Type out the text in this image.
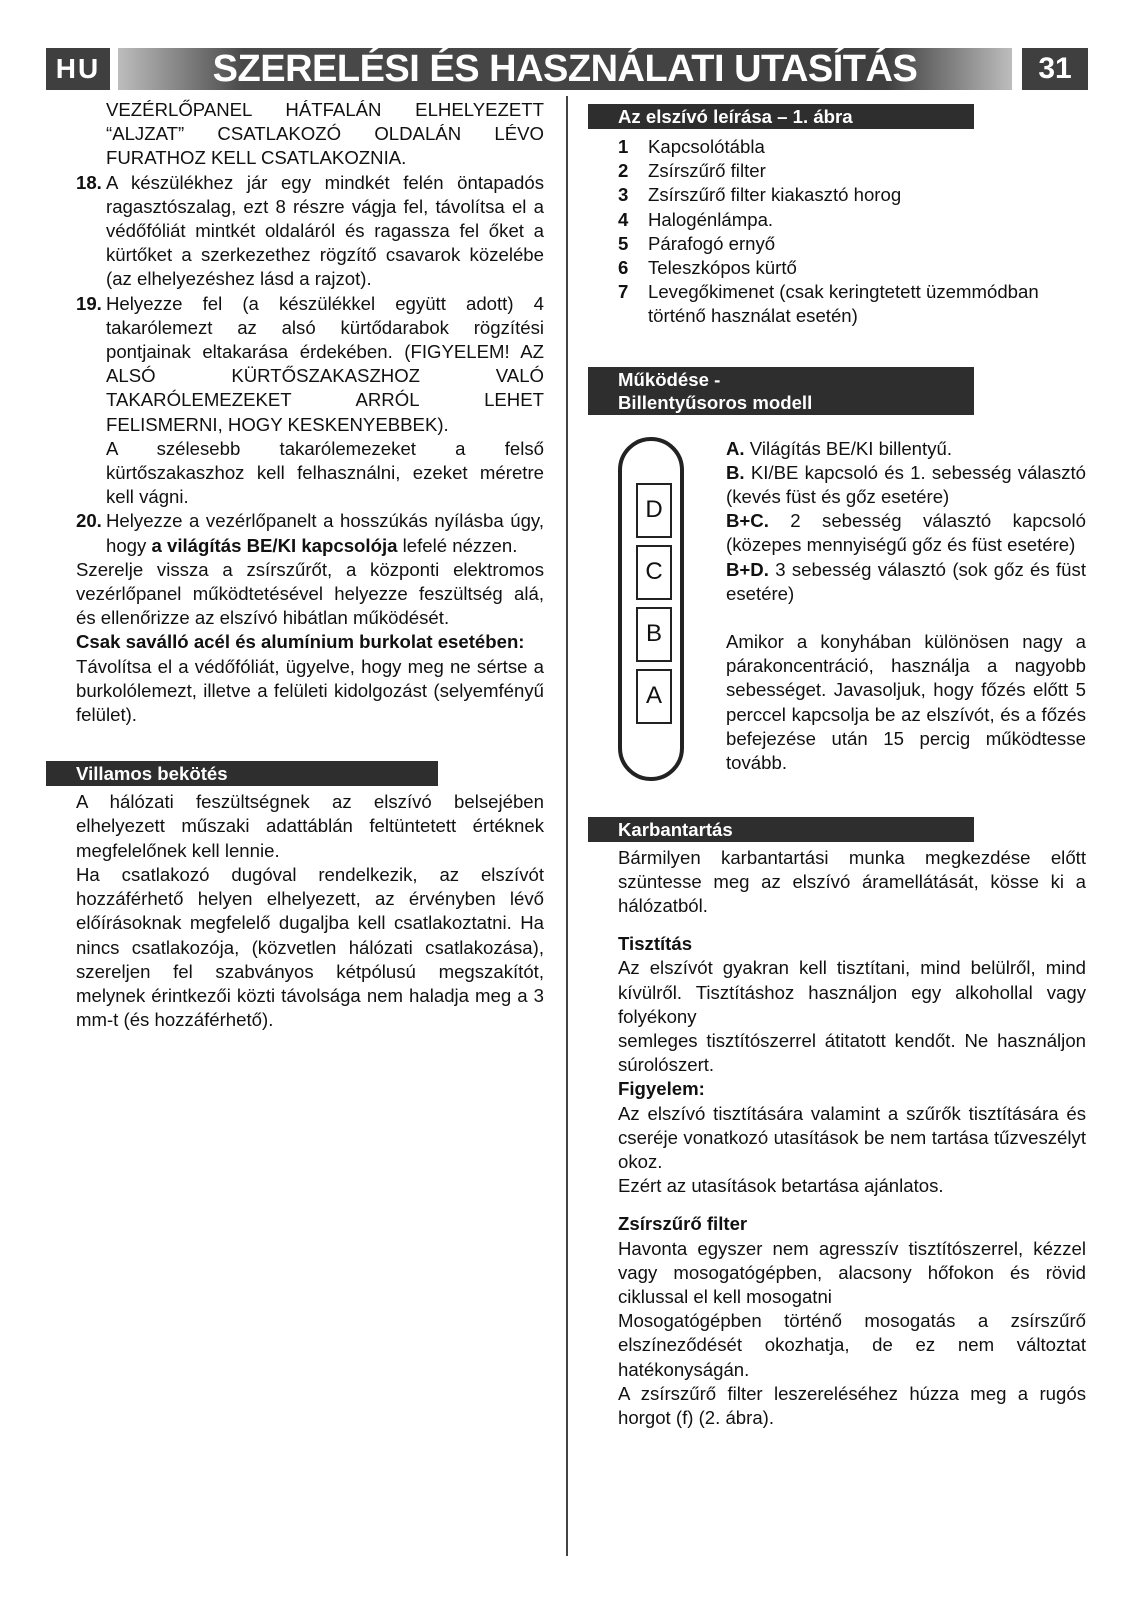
HU	SZERELÉSI ÉS HASZNÁLATI UTASÍTÁS	31

VEZÉRLŐPANEL HÁTFALÁN ELHELYEZETT “ALJZAT” CSATLAKOZÓ OLDALÁN LÉVO FURATHOZ KELL CSATLAKOZNIA.

18. A készülékhez jár egy mindkét felén öntapadós ragasztószalag, ezt 8 részre vágja fel, távolítsa el a védőfóliát mintkét oldaláról és ragassza fel őket a kürtőket a szerkezethez rögzítő csavarok közelébe (az elhelyezéshez lásd a rajzot).

19. Helyezze fel (a készülékkel együtt adott) 4 takarólemezt az alsó kürtődarabok rögzítési pontjainak eltakarása érdekében. (FIGYELEM! AZ ALSÓ KÜRTŐSZAKASZHOZ VALÓ TAKARÓLEMEZEKET ARRÓL LEHET FELISMERNI, HOGY KESKENYEBBEK).

A szélesebb takarólemezeket a felső kürtőszakaszhoz kell felhasználni, ezeket méretre kell vágni.

20. Helyezze a vezérlőpanelt a hosszúkás nyílásba úgy, hogy a világítás BE/KI kapcsolója lefelé nézzen.

Szerelje vissza a zsírszűrőt, a központi elektromos vezérlőpanel működtetésével helyezze feszültség alá, és ellenőrizze az elszívó hibátlan működését.

Csak saválló acél és alumínium burkolat esetében:

Távolítsa el a védőfóliát, ügyelve, hogy meg ne sértse a burkolólemezt, illetve a felületi kidolgozást (selyemfényű felület).

Villamos bekötés

A hálózati feszültségnek az elszívó belsejében elhelyezett műszaki adattáblán feltüntetett értéknek megfelelőnek kell lennie.

Ha csatlakozó dugóval rendelkezik, az elszívót hozzáférhető helyen elhelyezett, az érvényben lévő előírásoknak megfelelő dugaljba kell csatlakoztatni. Ha nincs csatlakozója, (közvetlen hálózati csatlakozása), szereljen fel szabványos kétpólusú megszakítót, melynek érintkezői közti távolsága nem haladja meg a 3 mm-t (és hozzáférhető).

Az elszívó leírása – 1. ábra
1 Kapcsolótábla
2 Zsírszűrő filter
3 Zsírszűrő filter kiakasztó horog
4 Halogénlámpa.
5 Párafogó ernyő
6 Teleszkópos kürtő
7 Levegőkimenet (csak keringtetett üzemmódban történő használat esetén)
Működése -
Billentyűsoros modell
D
C
B
A

A. Világítás BE/KI billentyű.

B. KI/BE kapcsoló és 1. sebesség választó (kevés füst és gőz esetére)

B+C. 2 sebesség választó kapcsoló (közepes mennyiségű gőz és füst esetére)

B+D. 3 sebesség választó (sok gőz és füst esetére)

Amikor a konyhában különösen nagy a párakoncentráció, használja a nagyobb sebességet. Javasoljuk, hogy főzés előtt 5 perccel kapcsolja be az elszívót, és a főzés befejezése után 15 percig működtesse tovább.

Karbantartás

Bármilyen karbantartási munka megkezdése előtt szüntesse meg az elszívó áramellátását, kösse ki a hálózatból.

Tisztítás

Az elszívót gyakran kell tisztítani, mind belülről, mind kívülről. Tisztításhoz használjon egy alkohollal vagy folyékony

semleges tisztítószerrel átitatott kendőt. Ne használjon súrolószert.

Figyelem:

Az elszívó tisztítására valamint a szűrők tisztítására és cseréje vonatkozó utasítások be nem tartása tűzveszélyt okoz.

Ezért az utasítások betartása ajánlatos.

Zsírszűrő filter

Havonta egyszer nem agresszív tisztítószerrel, kézzel vagy mosogatógépben, alacsony hőfokon és rövid ciklussal el kell mosogatni

Mosogatógépben történő mosogatás a zsírszűrő elszíneződését okozhatja, de ez nem változtat hatékonyságán.

A zsírszűrő filter leszereléséhez húzza meg a rugós horgot (f) (2. ábra).
